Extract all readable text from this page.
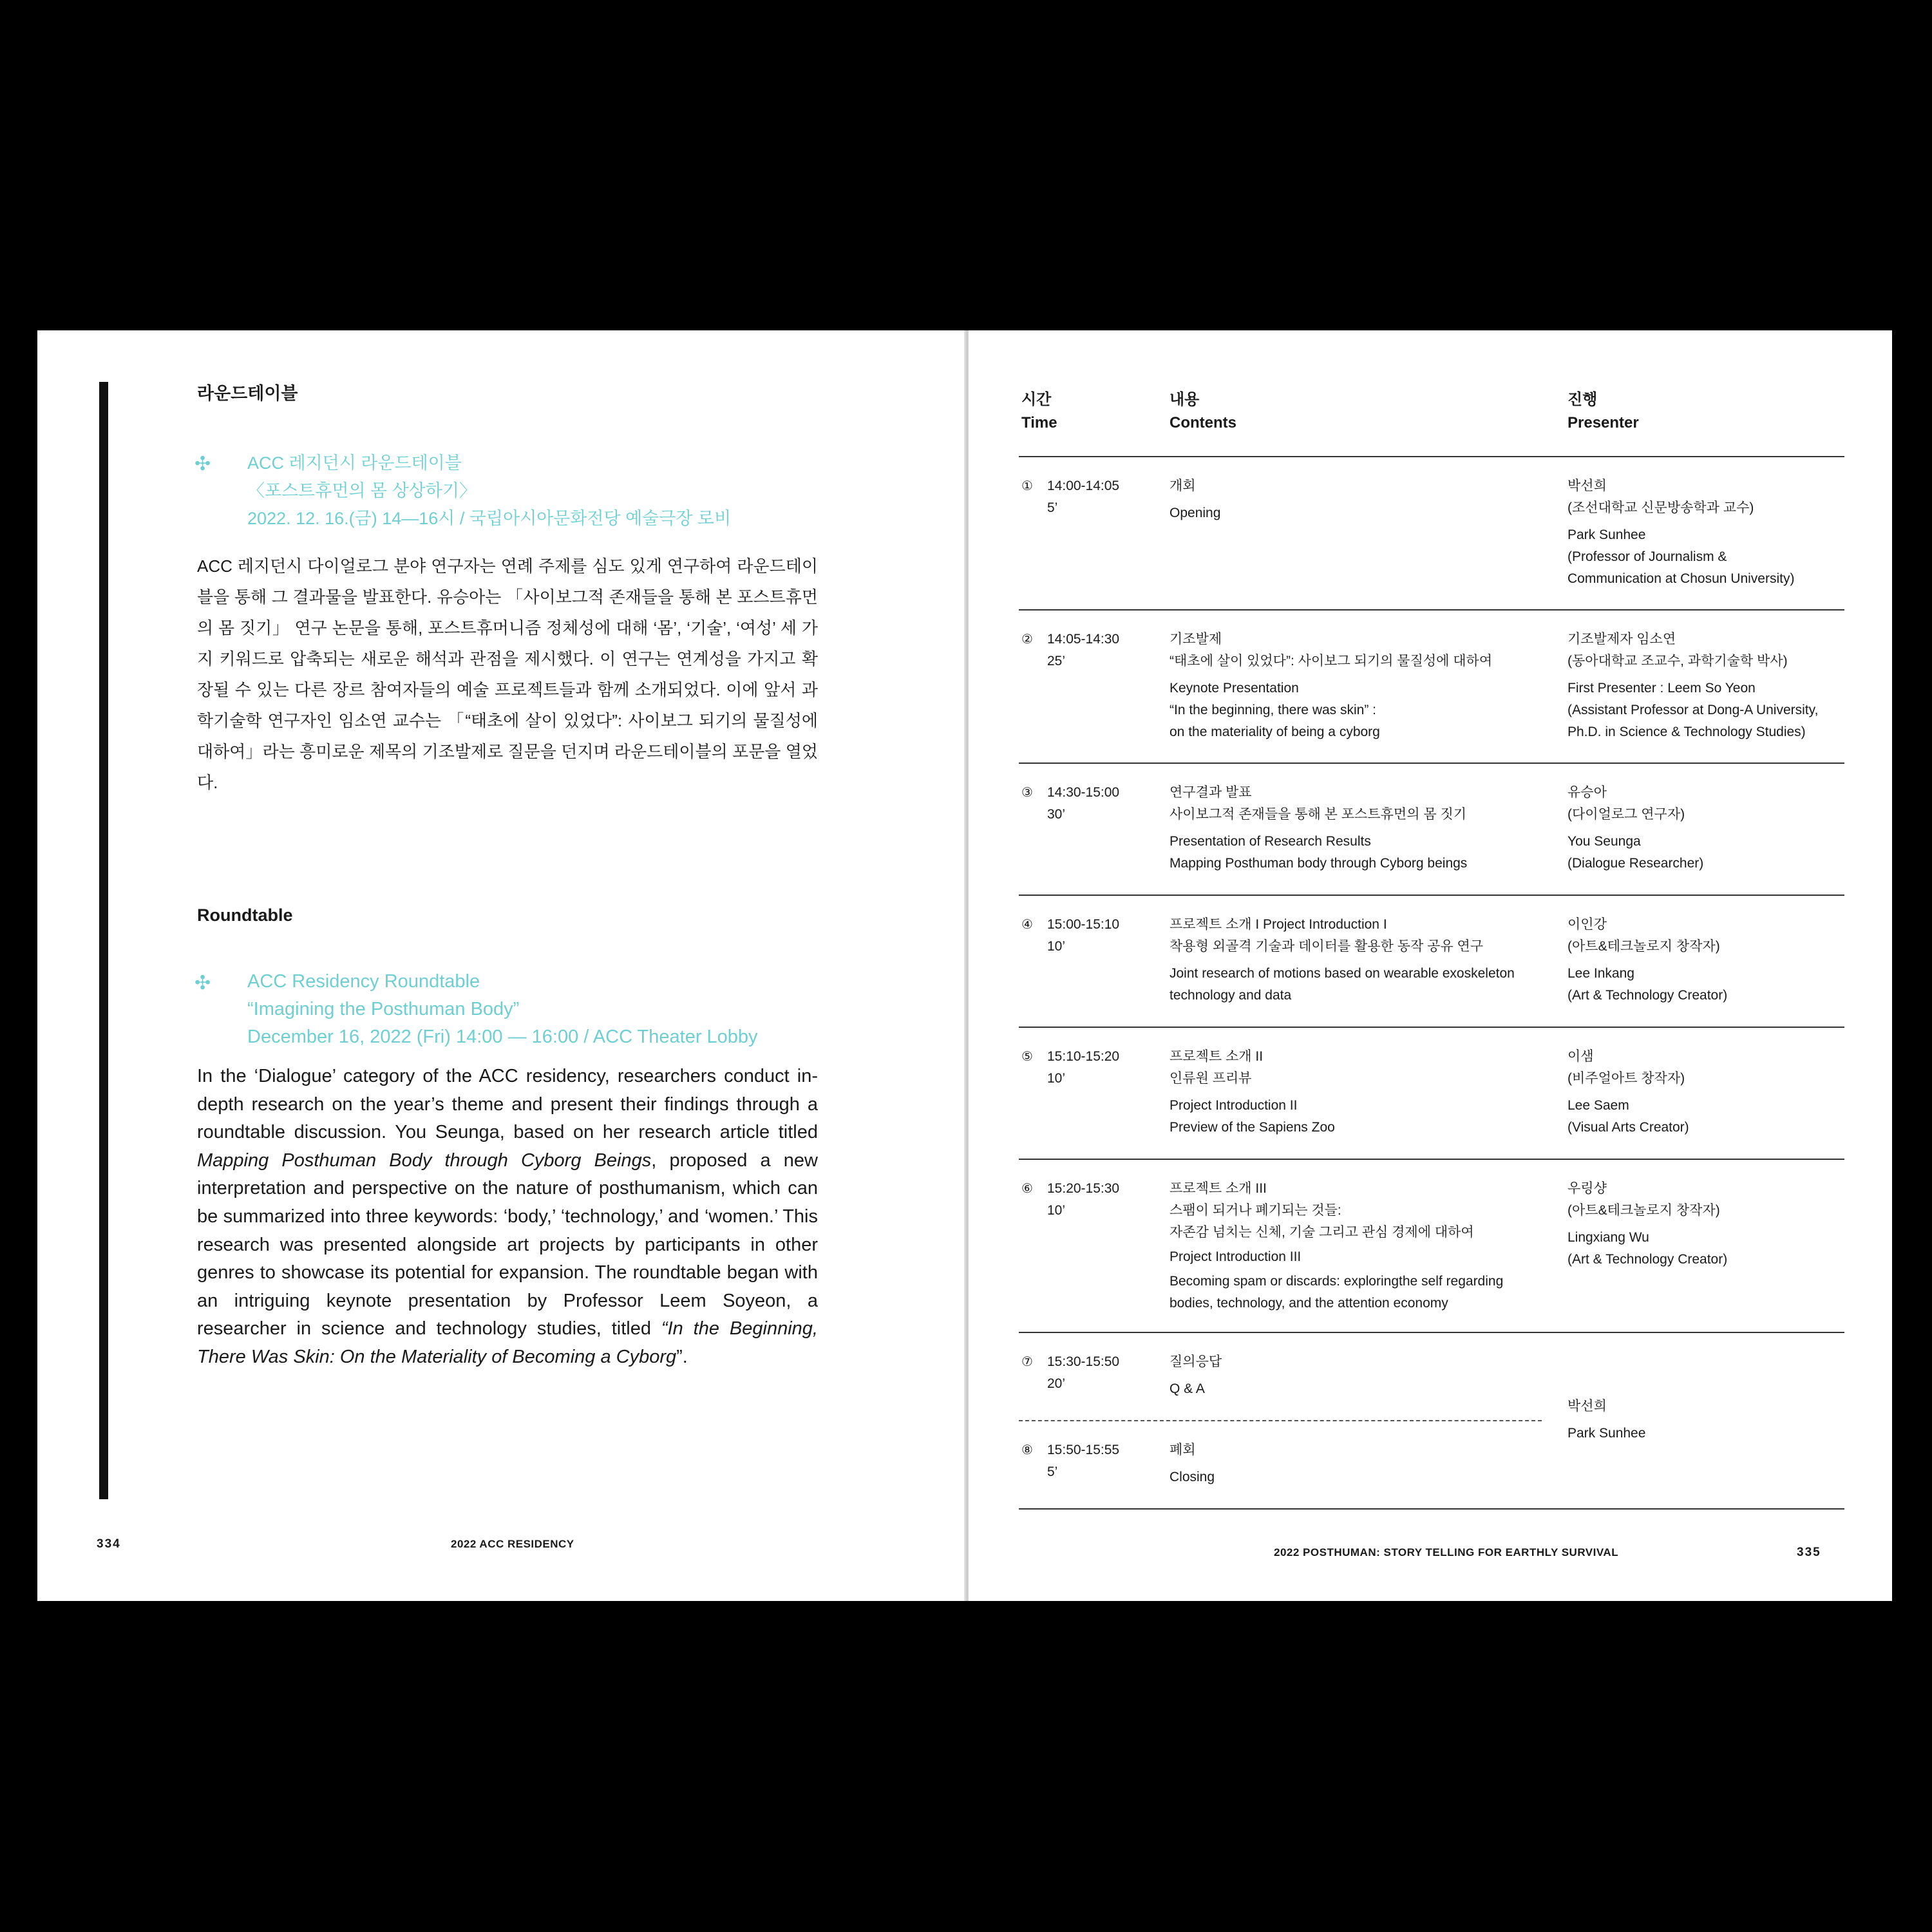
라운드테이블
✣ ACC 레지던시 라운드테이블
〈포스트휴먼의 몸 상상하기〉
2022. 12. 16.(금) 14—16시 / 국립아시아문화전당 예술극장 로비

ACC 레지던시 다이얼로그 분야 연구자는 연례 주제를 심도 있게 연구하여 라운드테이블을 통해 그 결과물을 발표한다. 유승아는 「사이보그적 존재들을 통해 본 포스트휴먼의 몸 짓기」 연구 논문을 통해, 포스트휴머니즘 정체성에 대해 ‘몸’, ‘기술’, ‘여성’ 세 가지 키워드로 압축되는 새로운 해석과 관점을 제시했다. 이 연구는 연계성을 가지고 확장될 수 있는 다른 장르 참여자들의 예술 프로젝트들과 함께 소개되었다. 이에 앞서 과학기술학 연구자인 임소연 교수는 「“태초에 살이 있었다”: 사이보그 되기의 물질성에 대하여」라는 흥미로운 제목의 기조발제로 질문을 던지며 라운드테이블의 포문을 열었다.

Roundtable
✣ ACC Residency Roundtable
“Imagining the Posthuman Body”
December 16, 2022 (Fri) 14:00 — 16:00 / ACC Theater Lobby

In the ‘Dialogue’ category of the ACC residency, researchers conduct in-depth research on the year’s theme and present their findings through a roundtable discussion. You Seunga, based on her research article titled Mapping Posthuman Body through Cyborg Beings, proposed a new interpretation and perspective on the nature of posthumanism, which can be summarized into three keywords: ‘body,’ ‘technology,’ and ‘women.’ This research was presented alongside art projects by participants in other genres to showcase its potential for expansion. The roundtable began with an intriguing keynote presentation by Professor Leem Soyeon, a researcher in science and technology studies, titled “In the Beginning, There Was Skin: On the Materiality of Becoming a Cyborg”.

334	2022 ACC RESIDENCY
시간
Time
내용
Contents
진행
Presenter
① 14:00-14:05
5’
개회
Opening
박선희
(조선대학교 신문방송학과 교수)
Park Sunhee
(Professor of Journalism &
Communication at Chosun University)
② 14:05-14:30
25’
기조발제
“태초에 살이 있었다”: 사이보그 되기의 물질성에 대하여
Keynote Presentation
“In the beginning, there was skin” :
on the materiality of being a cyborg
기조발제자 임소연
(동아대학교 조교수, 과학기술학 박사)
First Presenter : Leem So Yeon
(Assistant Professor at Dong-A University,
Ph.D. in Science & Technology Studies)
③ 14:30-15:00
30’
연구결과 발표
사이보그적 존재들을 통해 본 포스트휴먼의 몸 짓기
Presentation of Research Results
Mapping Posthuman body through Cyborg beings
유승아
(다이얼로그 연구자)
You Seunga
(Dialogue Researcher)
④ 15:00-15:10
10’
프로젝트 소개 I Project Introduction I
착용형 외골격 기술과 데이터를 활용한 동작 공유 연구
Joint research of motions based on wearable exoskeleton
technology and data
이인강
(아트&테크놀로지 창작자)
Lee Inkang
(Art & Technology Creator)
⑤ 15:10-15:20
10’
프로젝트 소개 II
인류원 프리뷰
Project Introduction II
Preview of the Sapiens Zoo
이샘
(비주얼아트 창작자)
Lee Saem
(Visual Arts Creator)
⑥ 15:20-15:30
10’
프로젝트 소개 III
스팸이 되거나 폐기되는 것들:
자존감 넘치는 신체, 기술 그리고 관심 경제에 대하여
Project Introduction III
Becoming spam or discards: exploringthe self regarding
bodies, technology, and the attention economy
우링샹
(아트&테크놀로지 창작자)
Lingxiang Wu
(Art & Technology Creator)
⑦ 15:30-15:50
20’
질의응답
Q & A
⑧ 15:50-15:55
5’
폐회
Closing
박선희
Park Sunhee
2022 POSTHUMAN: STORY TELLING FOR EARTHLY SURVIVAL	335
